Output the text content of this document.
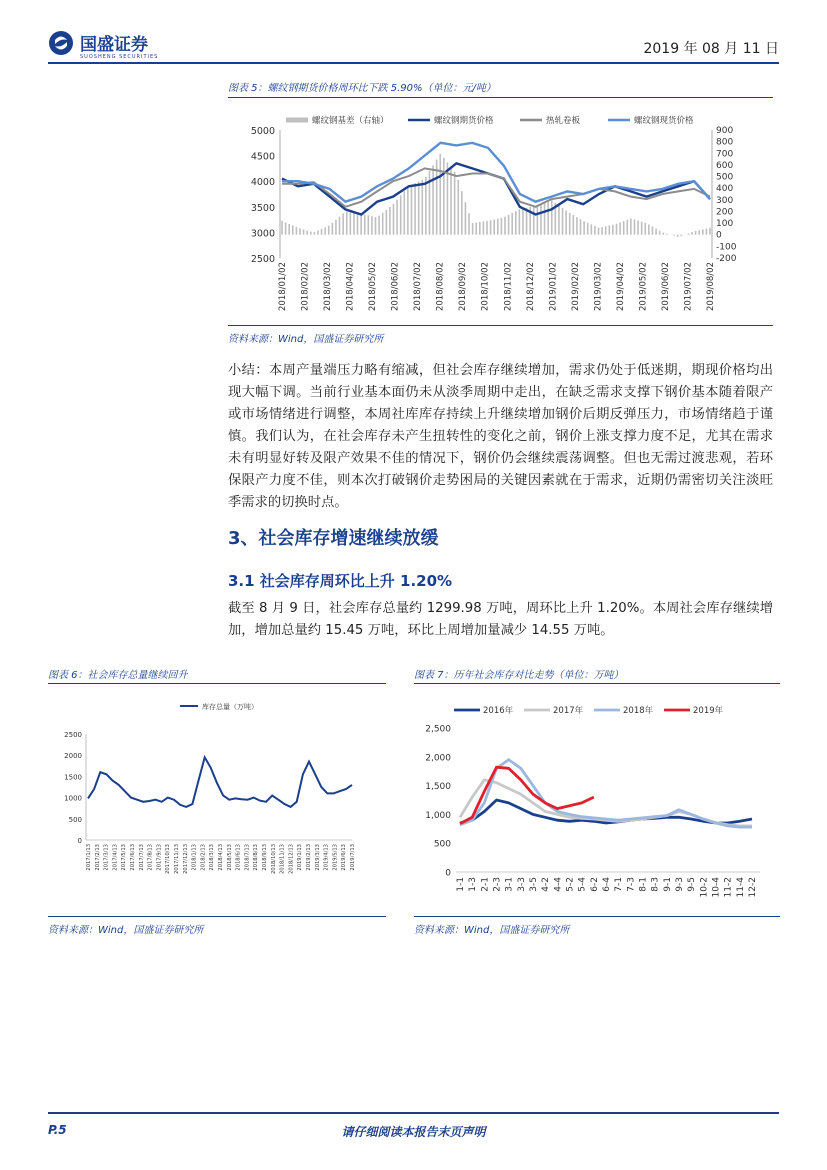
国盛证券
SUOSHENG SECURITIES	2019 年 08 月 11 日
图表 5：螺纹钢期货价格周环比下跌 5.90%（单位：元/吨）
螺纹钢基差（右轴）	螺纹钢期货价格	热轧卷板	螺纹钢现货价格
2500
3000
3500
4000
4500
5000
-200
-100
0
100
200
300
400
500
600
700
800
900
2018/01/02 2018/02/02 2018/03/02 2018/04/02 2018/05/02 2018/06/02 2018/07/02 2018/08/02 2018/09/02 2018/10/02 2018/11/02 2018/12/02 2019/01/02 2019/02/02 2019/03/02 2019/04/02 2019/05/02 2019/06/02 2019/07/02 2019/08/02
资料来源：Wind，国盛证券研究所
小结：本周产量端压力略有缩减，但社会库存继续增加，需求仍处于低迷期，期现价格均出现大幅下调。当前行业基本面仍未从淡季周期中走出，在缺乏需求支撑下钢价基本随着限产或市场情绪进行调整，本周社库库存持续上升继续增加钢价后期反弹压力，市场情绪趋于谨慎。我们认为，在社会库存未产生扭转性的变化之前，钢价上涨支撑力度不足，尤其在需求未有明显好转及限产效果不佳的情况下，钢价仍会继续震荡调整。但也无需过渡悲观，若环保限产力度不佳，则本次打破钢价走势困局的关键因素就在于需求，近期仍需密切关注淡旺季需求的切换时点。
3、社会库存增速继续放缓
3.1 社会库存周环比上升 1.20%
截至 8 月 9 日，社会库存总量约 1299.98 万吨，周环比上升 1.20%。本周社会库存继续增加，增加总量约 15.45 万吨，环比上周增加量减少 14.55 万吨。
图表 6：社会库存总量继续回升
库存总量（万吨）
0
500
1000
1500
2000
2500
2017/1/13 2017/2/13 2017/3/13 2017/4/13 2017/5/13 2017/6/13 2017/7/13 2017/8/13 2017/9/13 2017/10/13 2017/11/13 2017/12/13 2018/1/13 2018/2/13 2018/3/13 2018/4/13 2018/5/13 2018/6/13 2018/7/13 2018/8/13 2018/9/13 2018/10/13 2018/11/13 2018/12/13 2019/1/13 2019/2/13 2019/3/13 2019/4/13 2019/5/13 2019/6/13 2019/7/13
资料来源：Wind，国盛证券研究所
图表 7：历年社会库存对比走势（单位：万吨）
2016年	2017年	2018年	2019年
0
500
1,000
1,500
2,000
2,500
1-1 1-3 2-1 2-3 3-1 3-3 3-5 4-2 4-4 5-2 5-4 6-2 6-4 7-1 7-3 8-1 8-3 9-1 9-3 9-5 10-2 10-4 11-2 11-4 12-2
资料来源：Wind，国盛证券研究所
P.5	请仔细阅读本报告末页声明
